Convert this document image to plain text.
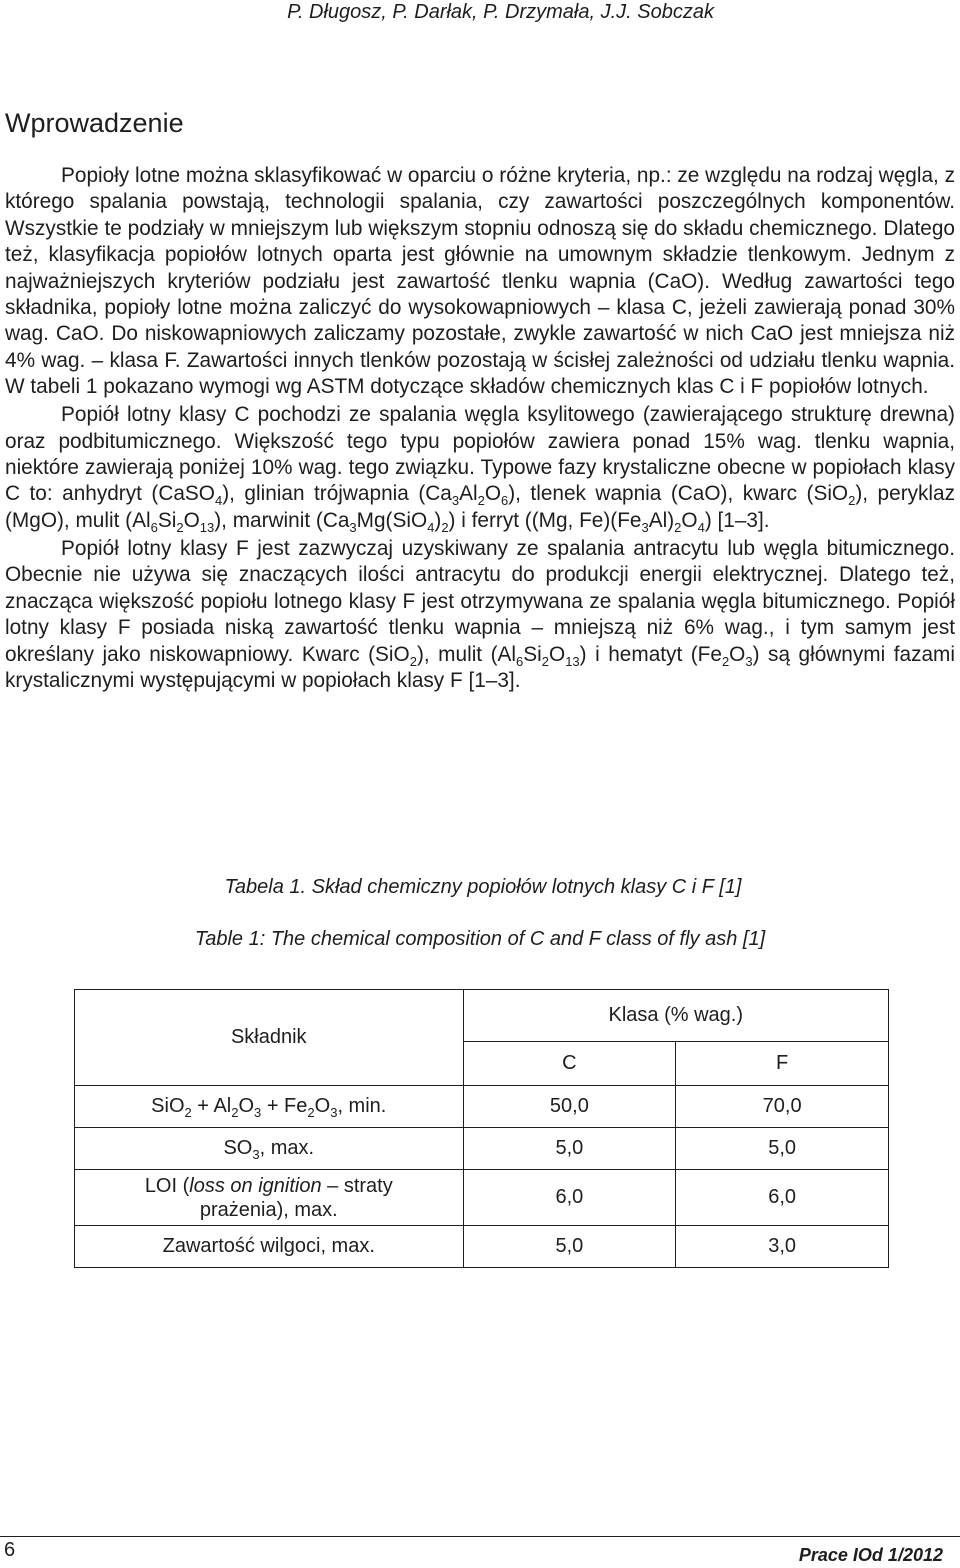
P. Długosz, P. Darłak, P. Drzymała, J.J. Sobczak
Wprowadzenie

Popioły lotne można sklasyfikować w oparciu o różne kryteria, np.: ze względu na rodzaj węgla, z którego spalania powstają, technologii spalania, czy zawartości poszczególnych komponentów. Wszystkie te podziały w mniejszym lub większym stopniu odnoszą się do składu chemicznego. Dlatego też, klasyfikacja popiołów lotnych oparta jest głównie na umownym składzie tlenkowym. Jednym z najważniejszych kryteriów podziału jest zawartość tlenku wapnia (CaO). Według zawartości tego składnika, popioły lotne można zaliczyć do wysokowapniowych – klasa C, jeżeli zawierają ponad 30% wag. CaO. Do niskowapniowych zaliczamy pozostałe, zwykle zawartość w nich CaO jest mniejsza niż 4% wag. – klasa F. Zawartości innych tlenków pozostają w ścisłej zależności od udziału tlenku wapnia. W tabeli 1 pokazano wymogi wg ASTM dotyczące składów chemicznych klas C i F popiołów lotnych.

Popiół lotny klasy C pochodzi ze spalania węgla ksylitowego (zawierającego strukturę drewna) oraz podbitumicznego. Większość tego typu popiołów zawiera ponad 15% wag. tlenku wapnia, niektóre zawierają poniżej 10% wag. tego związku. Typowe fazy krystaliczne obecne w popiołach klasy C to: anhydryt (CaSO$_4$), glinian trójwapnia $(Ca_3Al_2O_6)$, tlenek wapnia (CaO), kwarc (SiO$_2$), peryklaz (MgO), mulit $(Al_6Si_2O_{13})$, marwinit $(Ca_3Mg(SiO_4)_2)$ i ferryt ((Mg, $Fe)(Fe_3Al)_2O_4$) [1–3].

Popiół lotny klasy F jest zazwyczaj uzyskiwany ze spalania antracytu lub węgla bitumicznego. Obecnie nie używa się znaczących ilości antracytu do produkcji energii elektrycznej. Dlatego też, znacząca większość popiołu lotnego klasy F jest otrzymywana ze spalania węgla bitumicznego. Popiół lotny klasy F posiada niską zawartość tlenku wapnia – mniejszą niż 6% wag., i tym samym jest określany jako niskowapniowy. Kwarc (SiO$_2$), mulit $(Al_6Si_2O_{13})$ i hematyt $(Fe_2O_3)$ są głównymi fazami krystalicznymi występującymi w popiołach klasy F [1–3].

Tabela 1. Skład chemiczny popiołów lotnych klasy C i F [1]
Table 1: The chemical composition of C and F class of fly ash [1]
Składnik	Klasa (% wag.)	
	C	F
$SiO_2 + Al_2O_3 + Fe_2O_3$, min.	50,0	70,0
$SO_3$, max.	5,0	5,0
LOI (loss on ignition – straty
prażenia), max.	6,0	6,0
Zawartość wilgoci, max.	5,0	3,0
6	Prace IOd 1/2012
